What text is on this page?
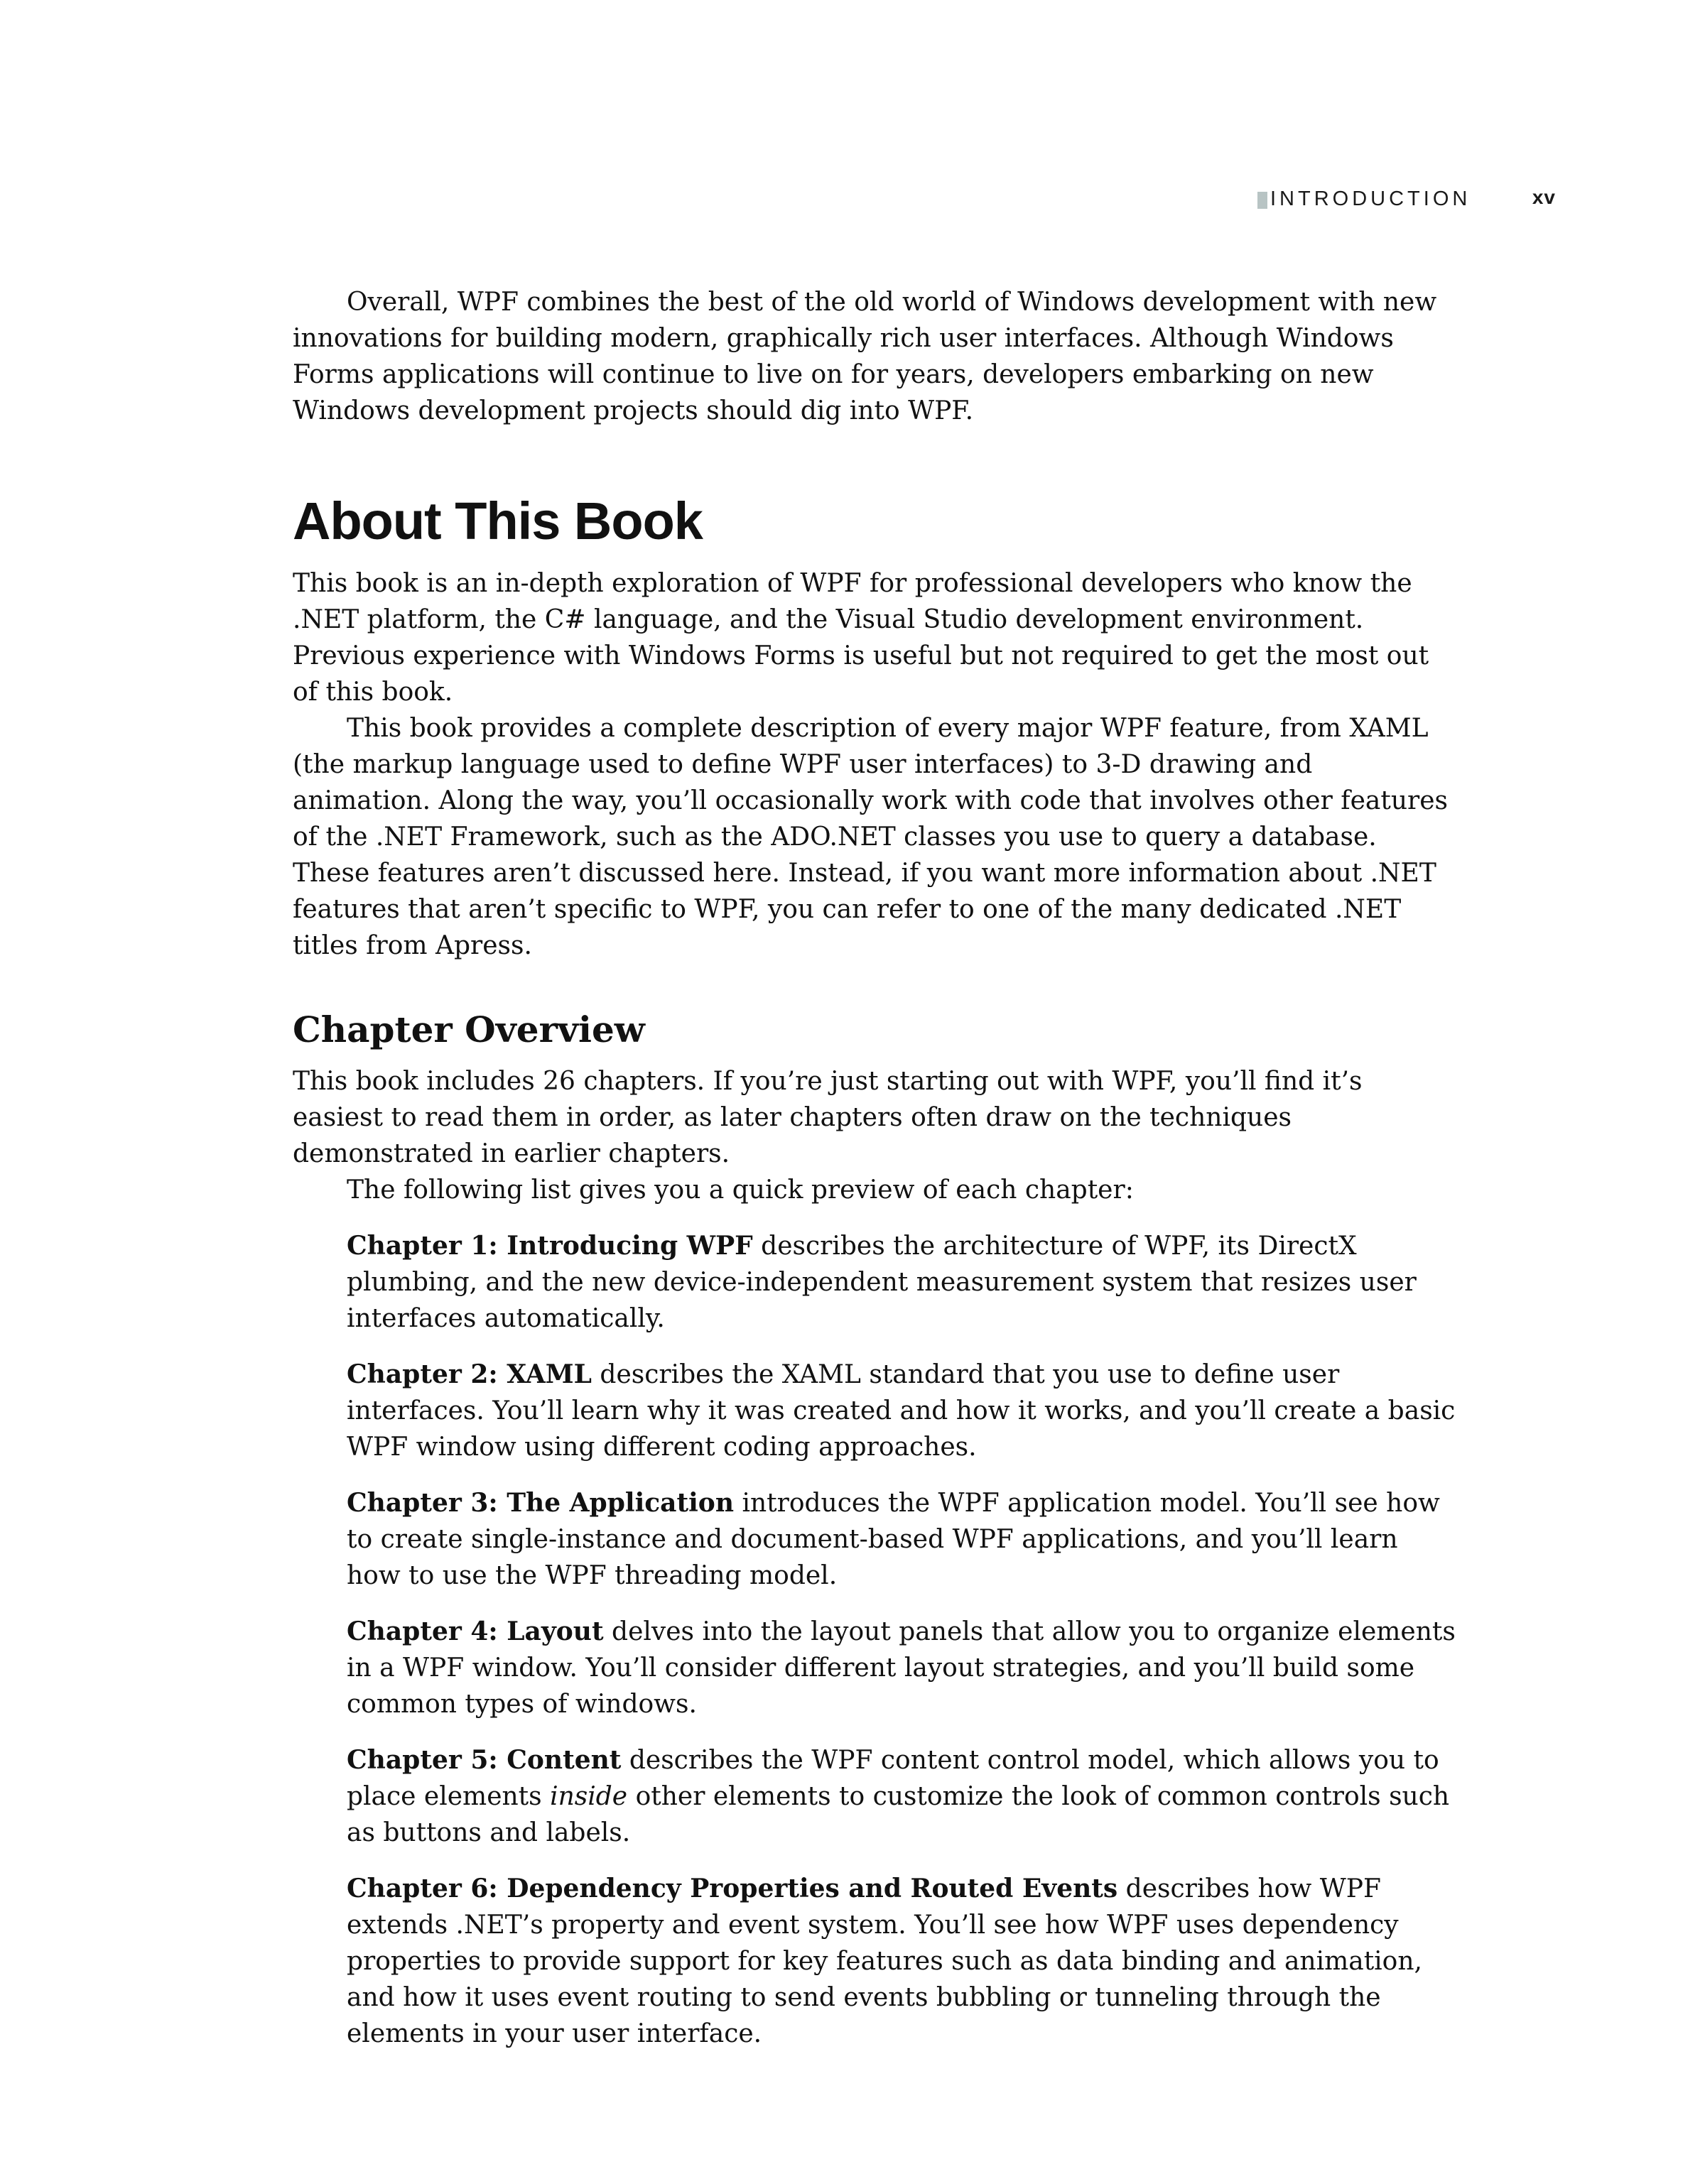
INTRODUCTION	xv

Overall, WPF combines the best of the old world of Windows development with new innovations for building modern, graphically rich user interfaces. Although Windows Forms applications will continue to live on for years, developers embarking on new Windows development projects should dig into WPF.

About This Book

This book is an in-depth exploration of WPF for professional developers who know the .NET platform, the C# language, and the Visual Studio development environment. Previous experience with Windows Forms is useful but not required to get the most out of this book.

This book provides a complete description of every major WPF feature, from XAML (the markup language used to define WPF user interfaces) to 3-D drawing and animation. Along the way, you’ll occasionally work with code that involves other features of the .NET Framework, such as the ADO.NET classes you use to query a database. These features aren’t discussed here. Instead, if you want more information about .NET features that aren’t specific to WPF, you can refer to one of the many dedicated .NET titles from Apress.

Chapter Overview

This book includes 26 chapters. If you’re just starting out with WPF, you’ll find it’s easiest to read them in order, as later chapters often draw on the techniques demonstrated in earlier chapters.

The following list gives you a quick preview of each chapter:

Chapter 1: Introducing WPF describes the architecture of WPF, its DirectX plumbing, and the new device-independent measurement system that resizes user interfaces automatically.

Chapter 2: XAML describes the XAML standard that you use to define user interfaces. You’ll learn why it was created and how it works, and you’ll create a basic WPF window using different coding approaches.

Chapter 3: The Application introduces the WPF application model. You’ll see how to create single-instance and document-based WPF applications, and you’ll learn how to use the WPF threading model.

Chapter 4: Layout delves into the layout panels that allow you to organize elements in a WPF window. You’ll consider different layout strategies, and you’ll build some common types of windows.

Chapter 5: Content describes the WPF content control model, which allows you to place elements inside other elements to customize the look of common controls such as buttons and labels.

Chapter 6: Dependency Properties and Routed Events describes how WPF extends .NET’s property and event system. You’ll see how WPF uses dependency properties to provide support for key features such as data binding and animation, and how it uses event routing to send events bubbling or tunneling through the elements in your user interface.
